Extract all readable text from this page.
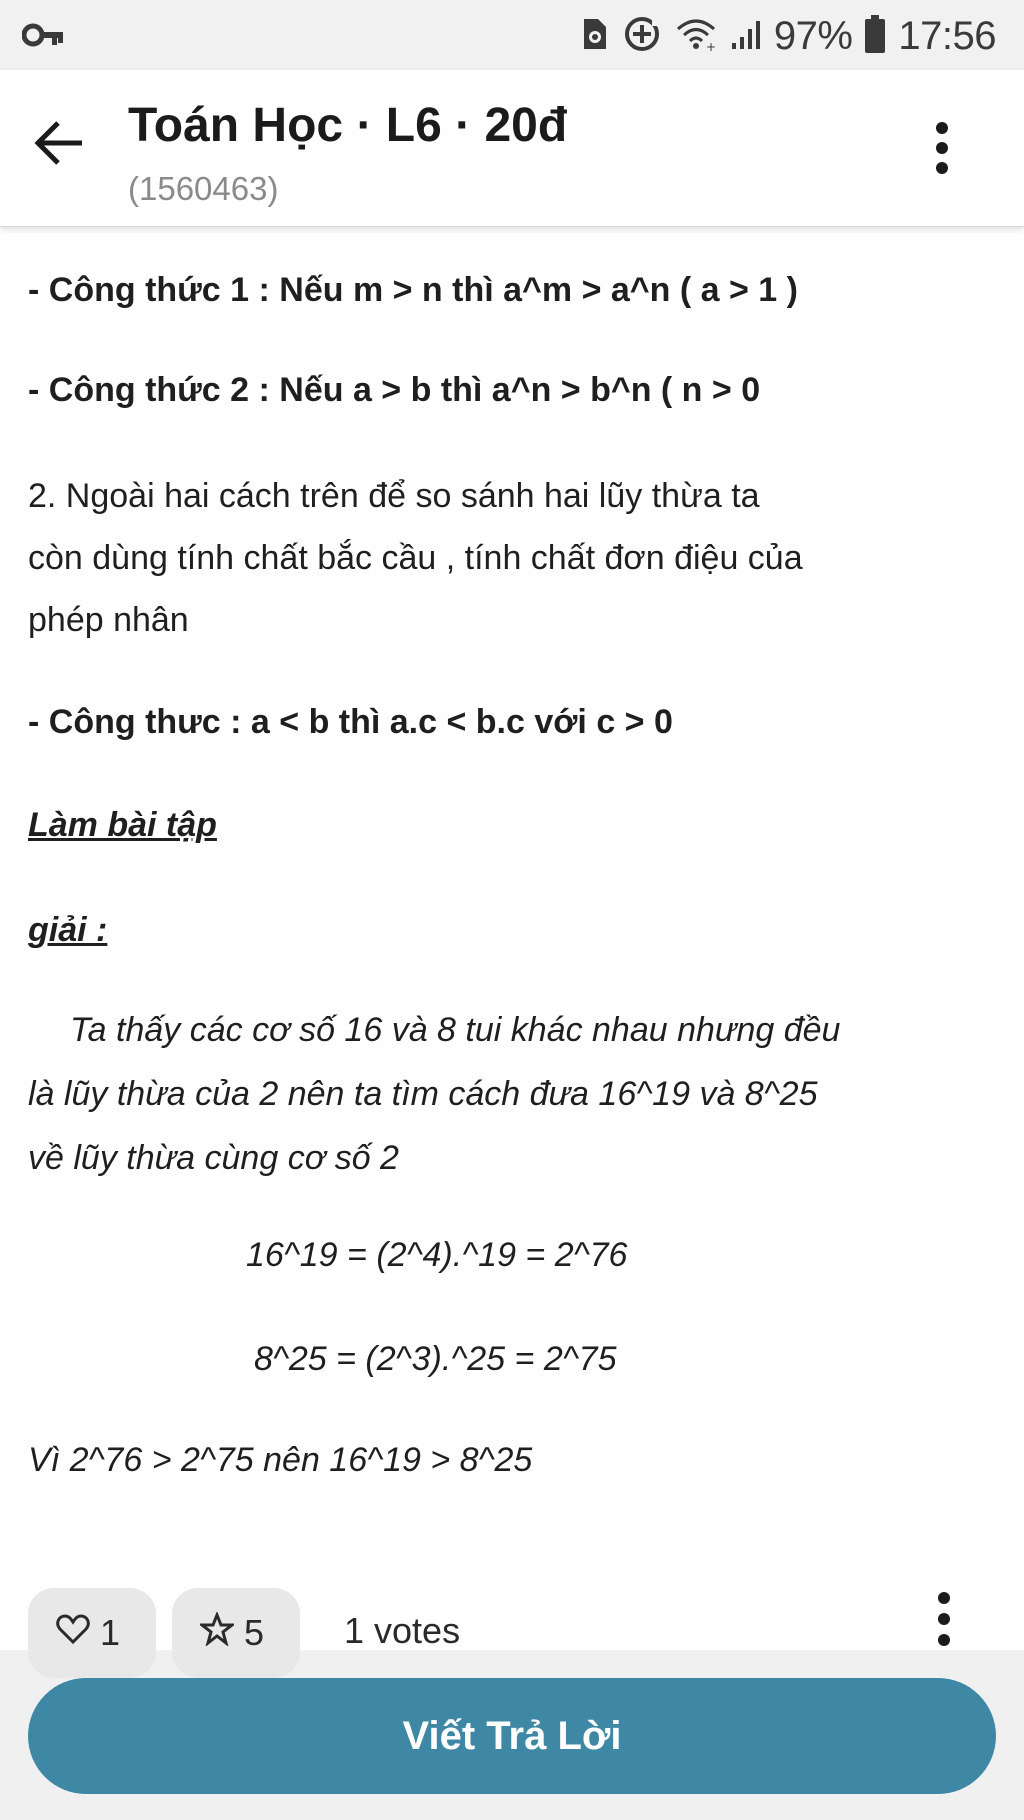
+ 97% 17:56
Toán Học · L6 · 20đ
(1560463)
- Công thức 1 : Nếu m > n thì a^m > a^n ( a > 1 )
- Công thức 2 : Nếu a > b thì a^n > b^n ( n > 0
2. Ngoài hai cách trên để so sánh hai lũy thừa ta
còn dùng tính chất bắc cầu , tính chất đơn điệu của
phép nhân
- Công thưc : a < b thì a.c < b.c với c > 0
Làm bài tập
giải :
Ta thấy các cơ số 16 và 8 tui khác nhau nhưng đều
là lũy thừa của 2 nên ta tìm cách đưa 16^19 và 8^25
về lũy thừa cùng cơ số 2
16^19 = (2^4).^19 = 2^76
8^25 = (2^3).^25 = 2^75
Vì 2^76 > 2^75 nên 16^19 > 8^25
1	5 1 votes
Viết Trả Lời
